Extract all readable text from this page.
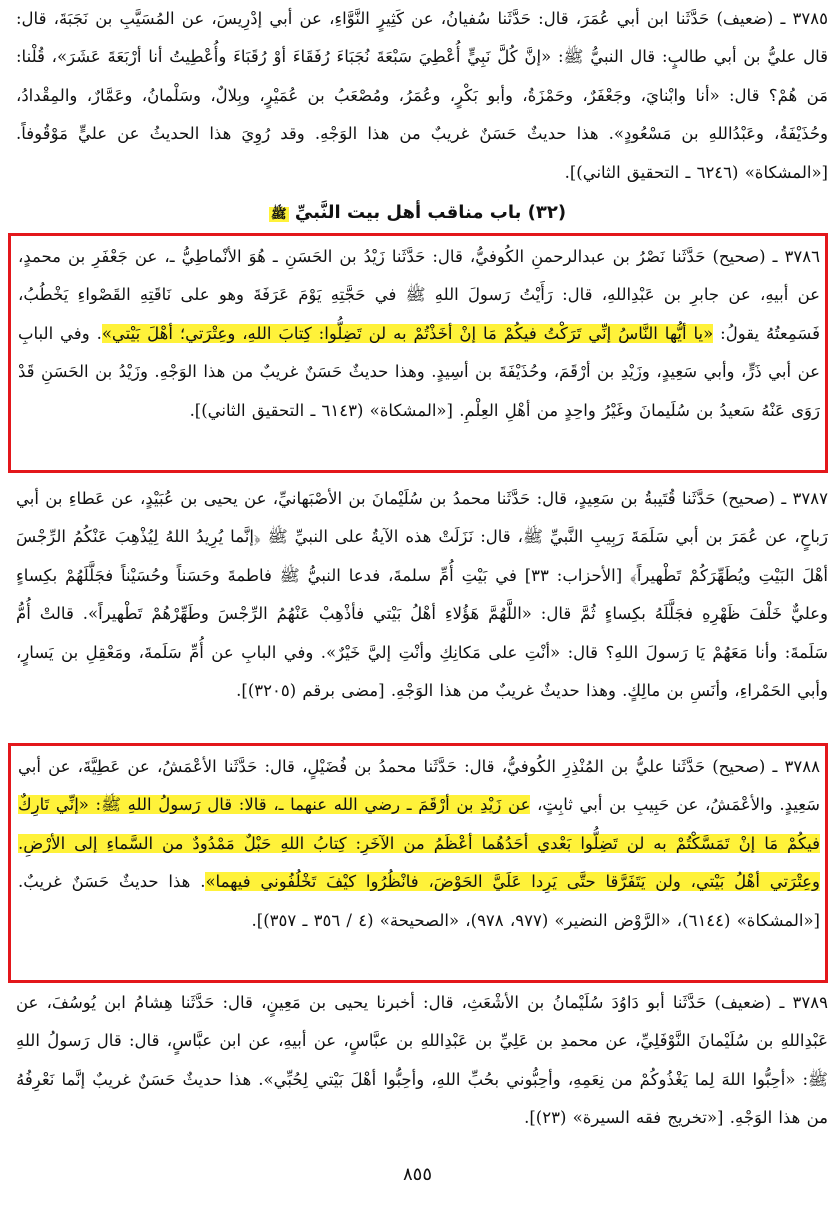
٣٧٨٥ ـ (ضعيف) حَدَّثَنا ابن أبي عُمَرَ، قال: حَدَّثَنا سُفيانُ، عن كَثِيرٍ النَّوَّاءِ، عن أبي إدْرِيسَ، عن المُسَيَّبِ بن نَجَبَةَ، قال: قال عليُّ بن أبي طالبٍ: قال النبيُّ ﷺ: «إنَّ كُلَّ نَبِيٍّ أُعْطِيَ سَبْعَةَ نُجَبَاءَ رُفَقَاءَ أوْ رُقَبَاءَ وأُعْطِيتُ أنا أرْبَعَةَ عَشَرَ»، قُلْنا: مَن هُمْ؟ قال: «أنا وابْنايَ، وجَعْفَرٌ، وحَمْزَةُ، وأبو بَكْرٍ، وعُمَرُ، ومُصْعَبُ بن عُمَيْرٍ، وبِلالٌ، وسَلْمانُ، وعَمَّارٌ، والمِقْدادُ، وحُذَيْفَةُ، وعَبْدُاللهِ بن مَسْعُودٍ». هذا حديثٌ حَسَنٌ غريبٌ من هذا الوَجْهِ. وقد رُوِيَ هذا الحديثُ عن عليٍّ مَوْقُوفاً. [«المشكاة» (٦٢٤٦ ـ التحقيق الثاني)].

(٣٢) باب مناقب أهل بيت النَّبيِّ ﷺ

٣٧٨٦ ـ (صحيح) حَدَّثَنا نَصْرُ بن عبدالرحمنِ الكُوفيُّ، قال: حَدَّثَنا زَيْدُ بن الحَسَنِ ـ هُوَ الأنْماطِيُّ ـ، عن جَعْفَرِ بن محمدٍ، عن أبيهِ، عن جابرِ بن عَبْدِاللهِ، قال: رَأَيْتُ رَسولَ اللهِ ﷺ في حَجَّتِهِ يَوْمَ عَرَفَةَ وهو على نَاقَتِهِ القَصْواءِ يَخْطُبُ، فَسَمِعتُهُ يقولُ: «يا أيُّها النَّاسُ إنِّي تَرَكْتُ فيكُمْ مَا إنْ أخَذْتُمْ به لن تَضِلُّوا: كِتابَ اللهِ، وعِتْرَتي؛ أهْلَ بَيْتي». وفي البابِ عن أبي ذَرٍّ، وأبي سَعِيدٍ، وزَيْدِ بن أرْقَمَ، وحُذَيْفَةَ بن أسِيدٍ. وهذا حديثٌ حَسَنٌ غريبٌ من هذا الوَجْهِ. وزَيْدُ بن الحَسَنِ قَدْ رَوَى عَنْهُ سَعيدُ بن سُلَيمانَ وغَيْرُ واحِدٍ من أهْلِ العِلْمِ. [«المشكاة» (٦١٤٣ ـ التحقيق الثاني)].

٣٧٨٧ ـ (صحيح) حَدَّثَنا قُتَيبةُ بن سَعِيدٍ، قال: حَدَّثَنا محمدُ بن سُلَيْمانَ بن الأصْبَهانيِّ، عن يحيى بن عُبَيْدٍ، عن عَطاءِ بن أبي رَباحٍ، عن عُمَرَ بن أبي سَلَمَةَ رَبِيبِ النَّبيِّ ﷺ، قال: نَزَلَتْ هذه الآيةُ على النبيِّ ﷺ ﴿إنَّما يُرِيدُ اللهُ لِيُذْهِبَ عَنْكُمُ الرِّجْسَ أهْلَ البَيْتِ ويُطَهِّرَكُمْ تَطْهيراً﴾ [الأحزاب: ٣٣] في بَيْتِ أُمِّ سلمةَ، فدعا النبيُّ ﷺ فاطمةَ وحَسَناً وحُسَيْناً فجَلَّلَهُمْ بكِساءٍ وعليٌّ خَلْفَ ظَهْرِهِ فجَلَّلَهُ بكِساءٍ ثُمَّ قال: «اللَّهُمَّ هَؤُلاءِ أهْلُ بَيْتي فأذْهِبْ عَنْهُمُ الرِّجْسَ وطَهِّرْهُمْ تَطْهيراً». قالتْ أُمُّ سَلَمةَ: وأنا مَعَهُمْ يَا رَسولَ اللهِ؟ قال: «أنْتِ على مَكانِكِ وأنْتِ إليَّ خَيْرٌ». وفي البابِ عن أُمِّ سَلَمةَ، ومَعْقِلِ بن يَسارٍ، وأبي الحَمْراءِ، وأنَسِ بن مالِكٍ. وهذا حديثٌ غريبٌ من هذا الوَجْهِ. [مضى برقم (٣٢٠٥)].

٣٧٨٨ ـ (صحيح) حَدَّثَنا عليُّ بن المُنْذِرِ الكُوفيُّ، قال: حَدَّثَنا محمدُ بن فُضَيْلٍ، قال: حَدَّثَنا الأعْمَشُ، عن عَطِيَّةَ، عن أبي سَعِيدٍ. والأعْمَشُ، عن حَبِيبِ بن أبي ثابِتٍ، عن زَيْدِ بن أرْقَمَ ـ رضي الله عنهما ـ، قالا: قال رَسولُ اللهِ ﷺ: «إنِّي تَارِكٌ فيكُمْ مَا إنْ تَمَسَّكْتُمْ به لن تَضِلُّوا بَعْدي أحَدُهُما أعْظَمُ من الآخَرِ: كِتابُ اللهِ حَبْلٌ مَمْدُودٌ من السَّماءِ إلى الأرْضِ. وعِتْرَتي أهْلُ بَيْتي، ولن يَتَفَرَّقا حتَّى يَرِدا عَلَيَّ الحَوْضَ، فانْظُرُوا كيْفَ تَخْلُفُوني فيهما». هذا حديثٌ حَسَنٌ غريبٌ. [«المشكاة» (٦١٤٤)، «الرَّوْض النضير» (٩٧٧، ٩٧٨)، «الصحيحة» (٤ / ٣٥٦ ـ ٣٥٧)].

٣٧٨٩ ـ (ضعيف) حَدَّثَنا أبو دَاوُدَ سُلَيْمانُ بن الأشْعَثِ، قال: أخبرنا يحيى بن مَعِينٍ، قال: حَدَّثَنا هِشامُ ابن يُوسُفَ، عن عَبْدِاللهِ بن سُلَيْمانَ النَّوْفَلِيِّ، عن محمدِ بن عَلِيِّ بن عَبْدِاللهِ بن عبَّاسٍ، عن أبيهِ، عن ابن عبَّاسٍ، قال: قال رَسولُ اللهِ ﷺ: «أحِبُّوا اللهَ لِما يَغْذُوكُمْ من نِعَمِهِ، وأحِبُّوني بحُبِّ اللهِ، وأحِبُّوا أهْلَ بَيْتي لِحُبِّي». هذا حديثٌ حَسَنٌ غريبٌ إنَّما نَعْرِفُهُ من هذا الوَجْهِ. [«تخريج فقه السيرة» (٢٣)].

٨٥٥
